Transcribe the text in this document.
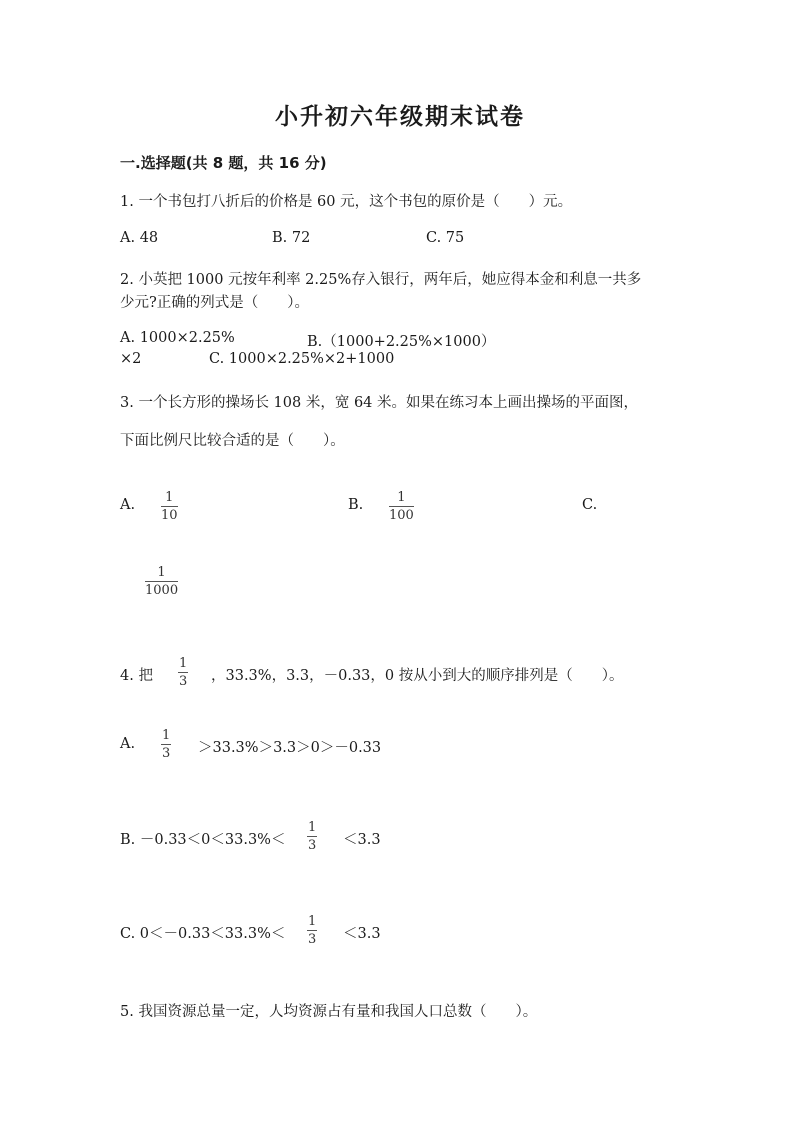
小升初六年级期末试卷
一.选择题(共 8 题，共 16 分)
1. 一个书包打八折后的价格是 60 元，这个书包的原价是（　　）元。
A. 48	B. 72	C. 75
2. 小英把 1000 元按年利率 2.25%存入银行，两年后，她应得本金和利息一共多
少元?正确的列式是（　　）。
A. 1000×2.25%	B.（1000+2.25%×1000）
×2	C. 1000×2.25%×2+1000
3. 一个长方形的操场长 108 米，宽 64 米。如果在练习本上画出操场的平面图，
下面比例尺比较合适的是（　　）。
A. 1
10
B.	1
100
C.
1
1000
4. 把
1
3 ，33.3%，3.3，－0.33，0 按从小到大的顺序排列是（　　）。
A.
1
3 ＞33.3%＞3.3＞0＞－0.33
B. －0.33＜0＜33.3%＜
1
3 ＜3.3
C. 0＜－0.33＜33.3%＜
1
3 ＜3.3
5. 我国资源总量一定，人均资源占有量和我国人口总数（　　）。
